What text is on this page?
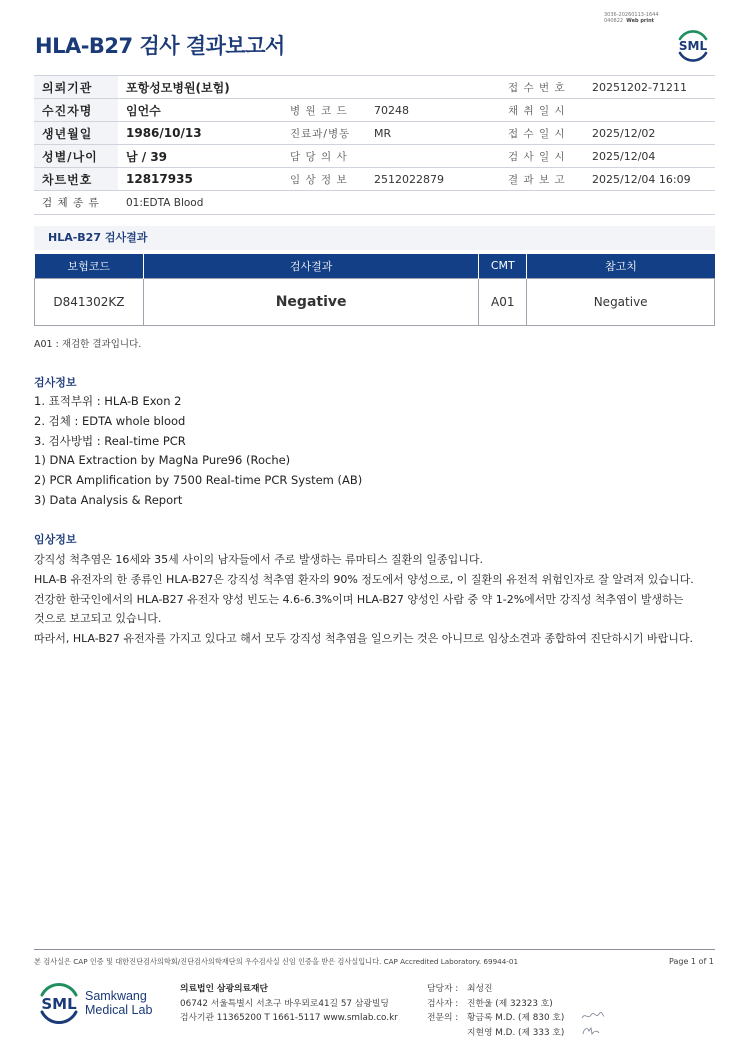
3036-20260113-1644
040822 Web print
HLA-B27 검사 결과보고서	SML
의뢰기관	포항성모병원(보험)			접 수 번 호	20251202-71211
수진자명	임언수	병 원 코 드	70248	채 취 일 시	
생년월일	1986/10/13	진료과/병동	MR	접 수 일 시	2025/12/02
성별/나이	남 / 39	담 당 의 사		검 사 일 시	2025/12/04
차트번호	12817935	임 상 정 보	2512022879	결 과 보 고	2025/12/04 16:09
검 체 종 류	01:EDTA Blood				
HLA-B27 검사결과
보험코드	검사결과	CMT	참고치
D841302KZ	Negative	A01	Negative
A01 : 재검한 결과입니다.
검사정보
1. 표적부위 : HLA-B Exon 2
2. 검체 : EDTA whole blood
3. 검사방법 : Real-time PCR
1) DNA Extraction by MagNa Pure96 (Roche)
2) PCR Amplification by 7500 Real-time PCR System (AB)
3) Data Analysis & Report
임상정보
강직성 척추염은 16세와 35세 사이의 남자들에서 주로 발생하는 류마티스 질환의 일종입니다.
HLA-B 유전자의 한 종류인 HLA-B27은 강직성 척추염 환자의 90% 정도에서 양성으로, 이 질환의 유전적 위험인자로 잘 알려져 있습니다.
건강한 한국인에서의 HLA-B27 유전자 양성 빈도는 4.6-6.3%이며 HLA-B27 양성인 사람 중 약 1-2%에서만 강직성 척추염이 발생하는
것으로 보고되고 있습니다.
따라서, HLA-B27 유전자를 가지고 있다고 해서 모두 강직성 척추염을 일으키는 것은 아니므로 임상소견과 종합하여 진단하시기 바랍니다.
본 검사실은 CAP 인증 및 대한진단검사의학회/진단검사의학재단의 우수검사실 신임 인증을 받은 검사실입니다. CAP Accredited Laboratory. 69944-01	Page 1 of 1
SML Samkwang
Medical Lab
의료법인 삼광의료재단
06742 서울특별시 서초구 바우뫼로41길 57 삼광빌딩
검사기관 11365200 T 1661-5117 www.smlab.co.kr
담당자 : 최성진
검사자 : 진한울 (제 32323 호)
전문의 : 황금록 M.D. (제 830 호)
지현영 M.D. (제 333 호)
